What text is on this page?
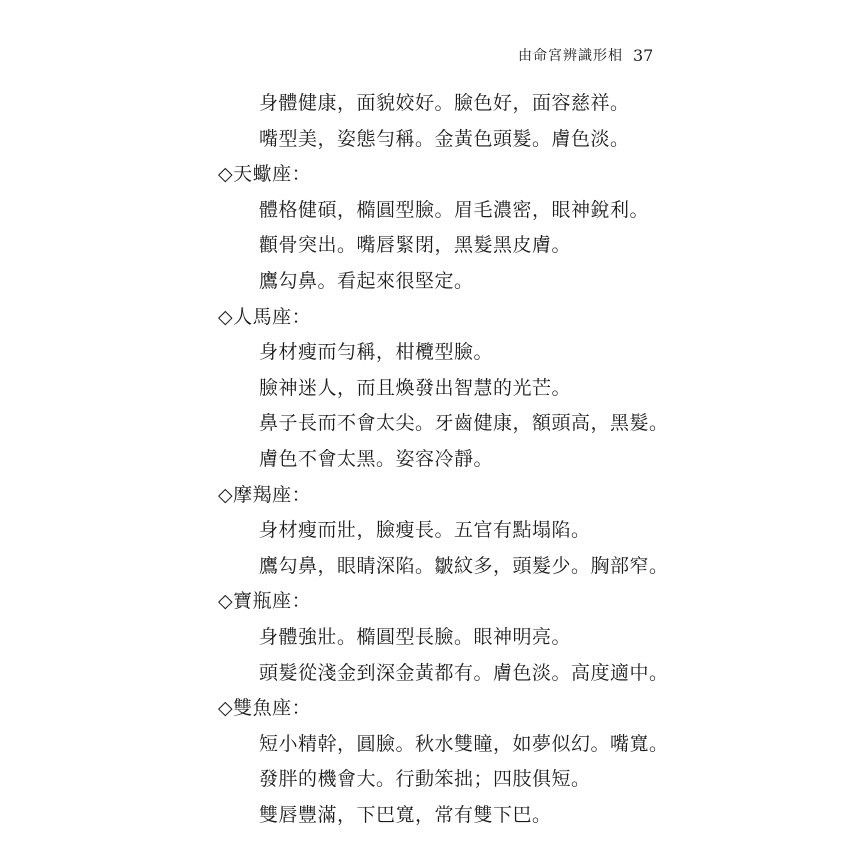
由命宮辨識形相 37
身體健康，面貌姣好。臉色好，面容慈祥。
嘴型美，姿態勻稱。金黃色頭髮。膚色淡。
◇天蠍座：
體格健碩，橢圓型臉。眉毛濃密，眼神銳利。
顴骨突出。嘴唇緊閉，黑髮黑皮膚。
鷹勾鼻。看起來很堅定。
◇人馬座：
身材瘦而勻稱，柑欖型臉。
臉神迷人，而且煥發出智慧的光芒。
鼻子長而不會太尖。牙齒健康，額頭高，黑髮。
膚色不會太黑。姿容冷靜。
◇摩羯座：
身材瘦而壯，臉瘦長。五官有點塌陷。
鷹勾鼻，眼睛深陷。皺紋多，頭髮少。胸部窄。
◇寶瓶座：
身體強壯。橢圓型長臉。眼神明亮。
頭髮從淺金到深金黃都有。膚色淡。高度適中。
◇雙魚座：
短小精幹，圓臉。秋水雙瞳，如夢似幻。嘴寬。
發胖的機會大。行動笨拙；四肢俱短。
雙唇豐滿，下巴寬，常有雙下巴。
